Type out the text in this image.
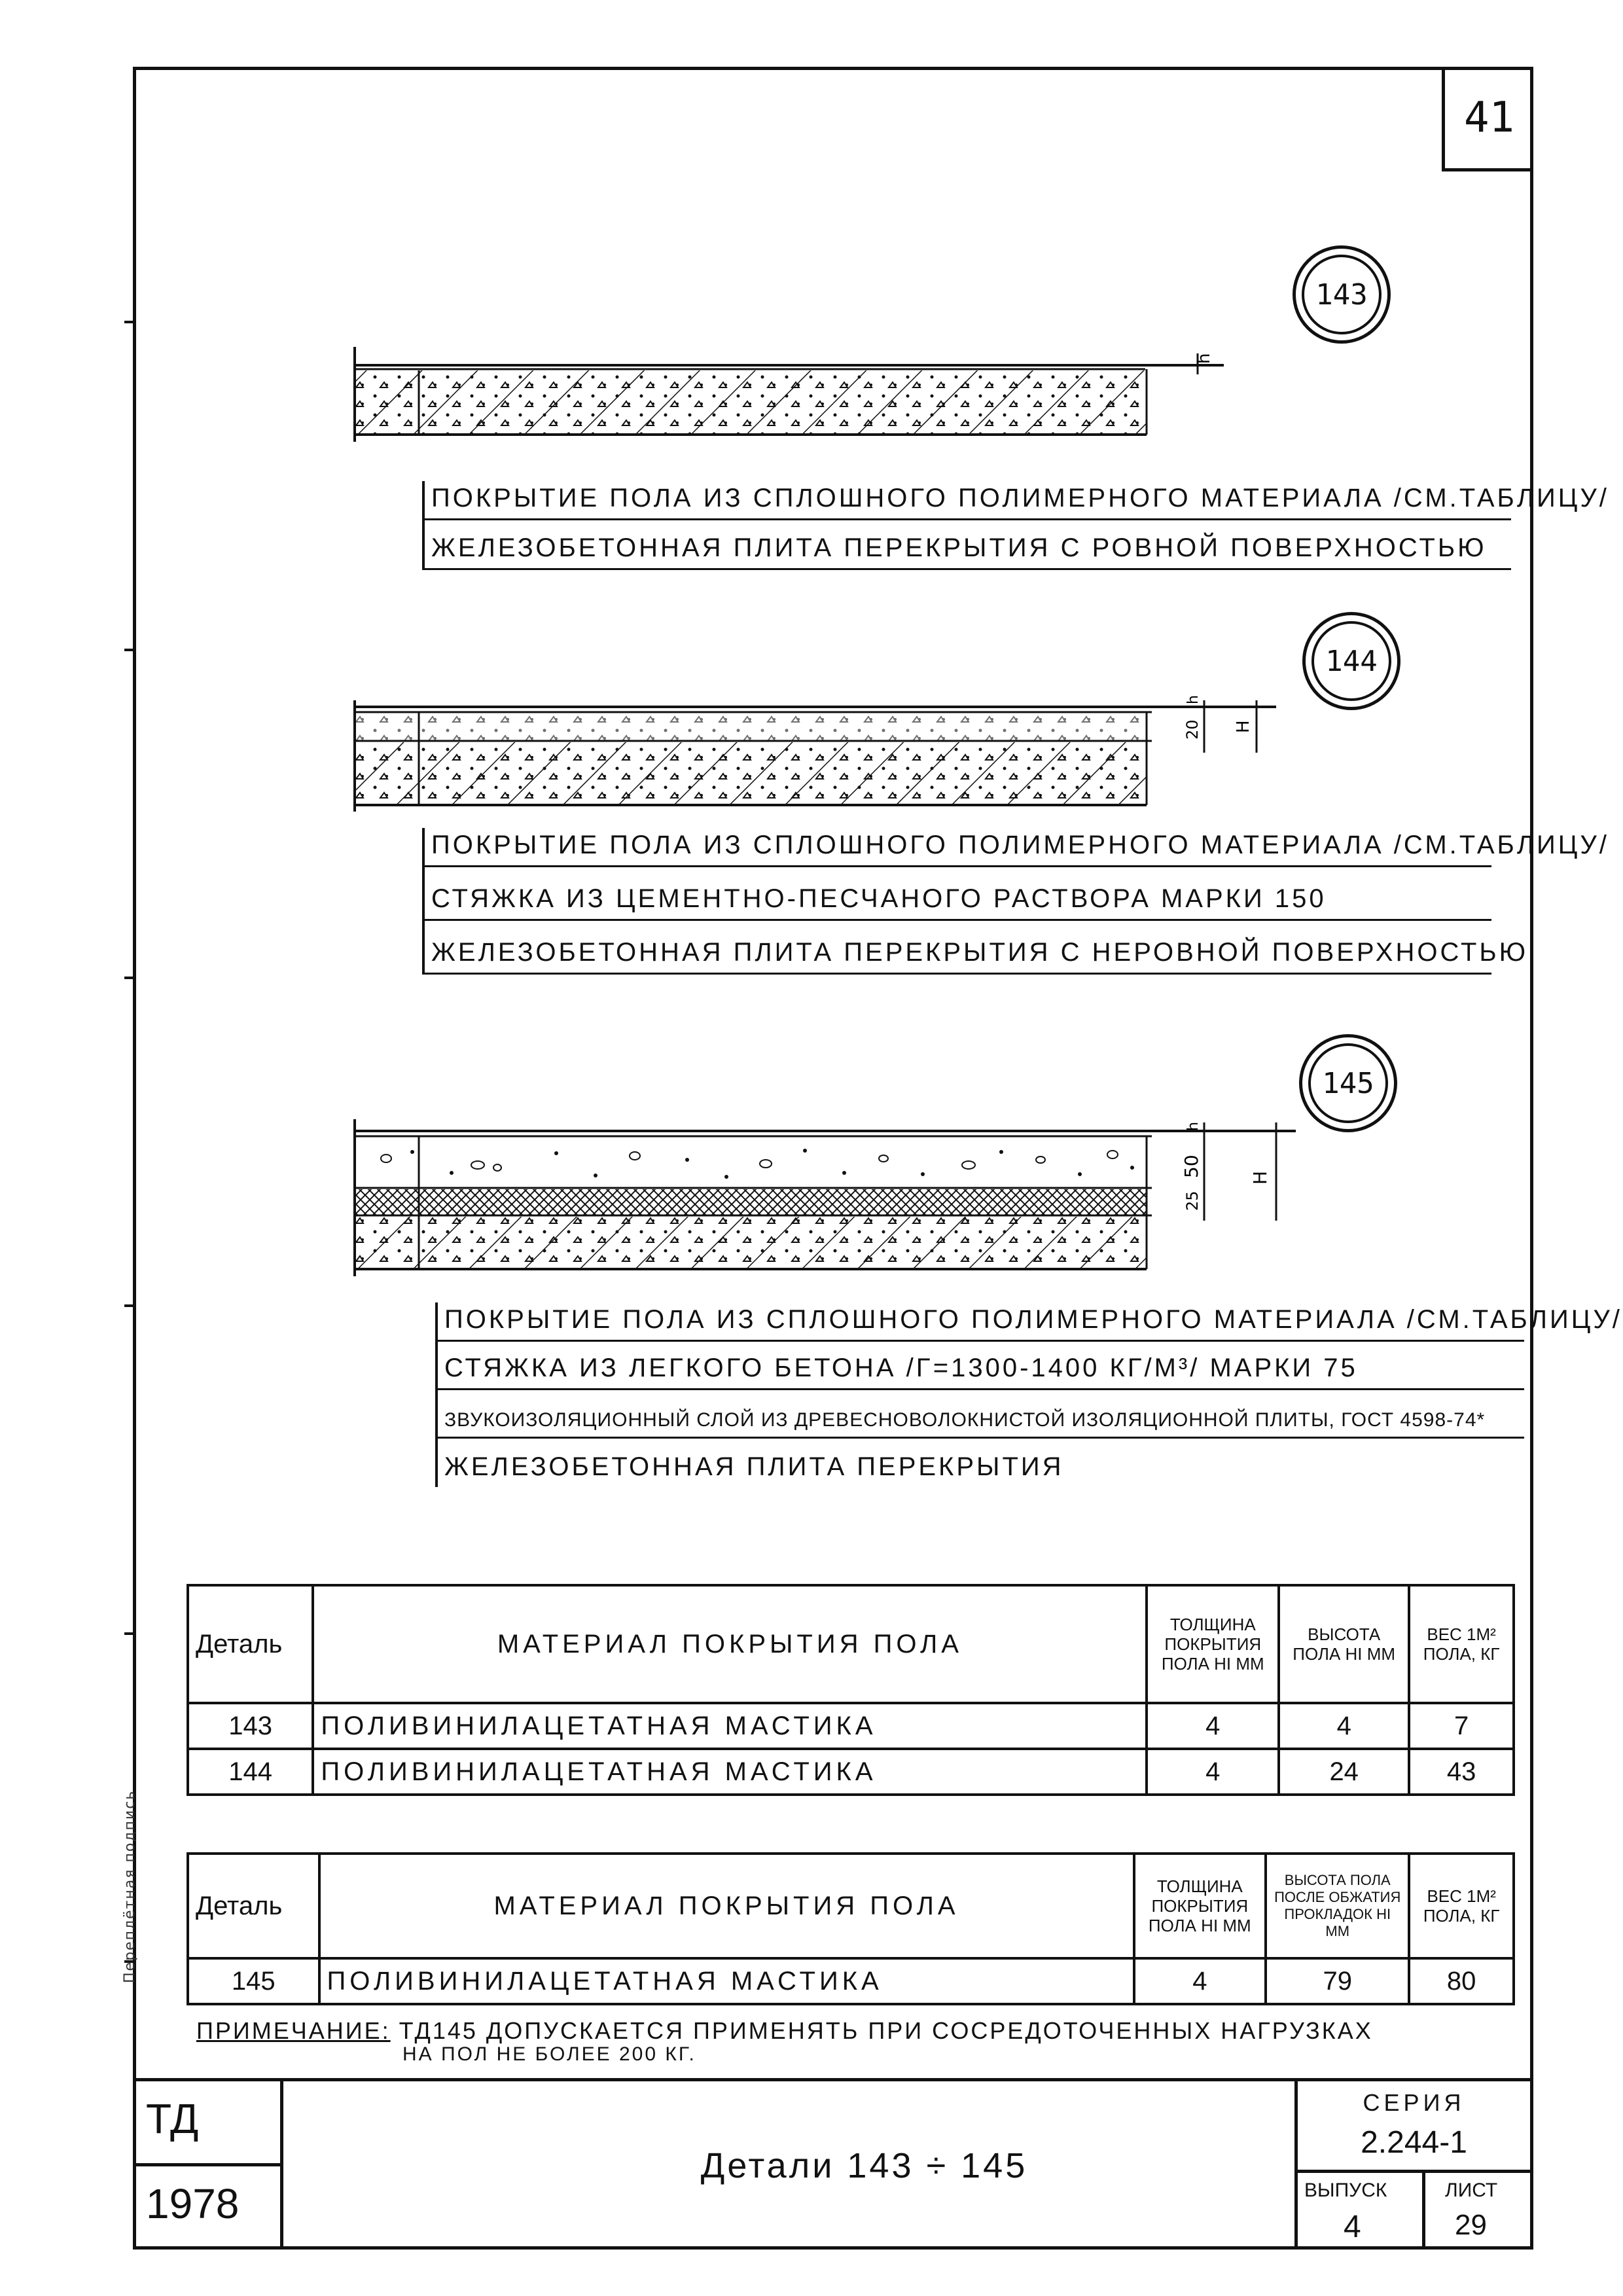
41
Переплётная подпись
143
h
ПОКРЫТИЕ ПОЛА ИЗ СПЛОШНОГО ПОЛИМЕРНОГО МАТЕРИАЛА /СМ.ТАБЛИЦУ/
ЖЕЛЕЗОБЕТОННАЯ ПЛИТА ПЕРЕКРЫТИЯ С РОВНОЙ ПОВЕРХНОСТЬЮ
144
h
20 H
ПОКРЫТИЕ ПОЛА ИЗ СПЛОШНОГО ПОЛИМЕРНОГО МАТЕРИАЛА /СМ.ТАБЛИЦУ/
СТЯЖКА ИЗ ЦЕМЕНТНО-ПЕСЧАНОГО РАСТВОРА МАРКИ 150
ЖЕЛЕЗОБЕТОННАЯ ПЛИТА ПЕРЕКРЫТИЯ С НЕРОВНОЙ ПОВЕРХНОСТЬЮ
145
h
50
25
H
ПОКРЫТИЕ ПОЛА ИЗ СПЛОШНОГО ПОЛИМЕРНОГО МАТЕРИАЛА /СМ.ТАБЛИЦУ/
СТЯЖКА ИЗ ЛЕГКОГО БЕТОНА /Γ=1300-1400 КГ/М³/ МАРКИ 75
ЗВУКОИЗОЛЯЦИОННЫЙ СЛОЙ ИЗ ДРЕВЕСНОВОЛОКНИСТОЙ ИЗОЛЯЦИОННОЙ ПЛИТЫ, ГОСТ 4598-74*
ЖЕЛЕЗОБЕТОННАЯ ПЛИТА ПЕРЕКРЫТИЯ
Деталь	МАТЕРИАЛ ПОКРЫТИЯ ПОЛА	ТОЛЩИНА ПОКРЫТИЯ ПОЛА HI ММ	ВЫСОТА ПОЛА HI ММ	ВЕС 1М² ПОЛА, КГ
143	ПОЛИВИНИЛАЦЕТАТНАЯ МАСТИКА	4	4	7
144	ПОЛИВИНИЛАЦЕТАТНАЯ МАСТИКА	4	24	43
Деталь	МАТЕРИАЛ ПОКРЫТИЯ ПОЛА	ТОЛЩИНА ПОКРЫТИЯ ПОЛА HI ММ	ВЫСОТА ПОЛА ПОСЛЕ ОБЖАТИЯ ПРОКЛАДОК HI ММ	ВЕС 1М² ПОЛА, КГ
145	ПОЛИВИНИЛАЦЕТАТНАЯ МАСТИКА	4	79	80
ПРИМЕЧАНИЕ: ТД145 ДОПУСКАЕТСЯ ПРИМЕНЯТЬ ПРИ СОСРЕДОТОЧЕННЫХ НАГРУЗКАХ
НА ПОЛ НЕ БОЛЕЕ 200 КГ.
ТД
1978
Детали 143 ÷ 145
СЕРИЯ
2.244-1
ВЫПУСК
4
ЛИСТ
29
